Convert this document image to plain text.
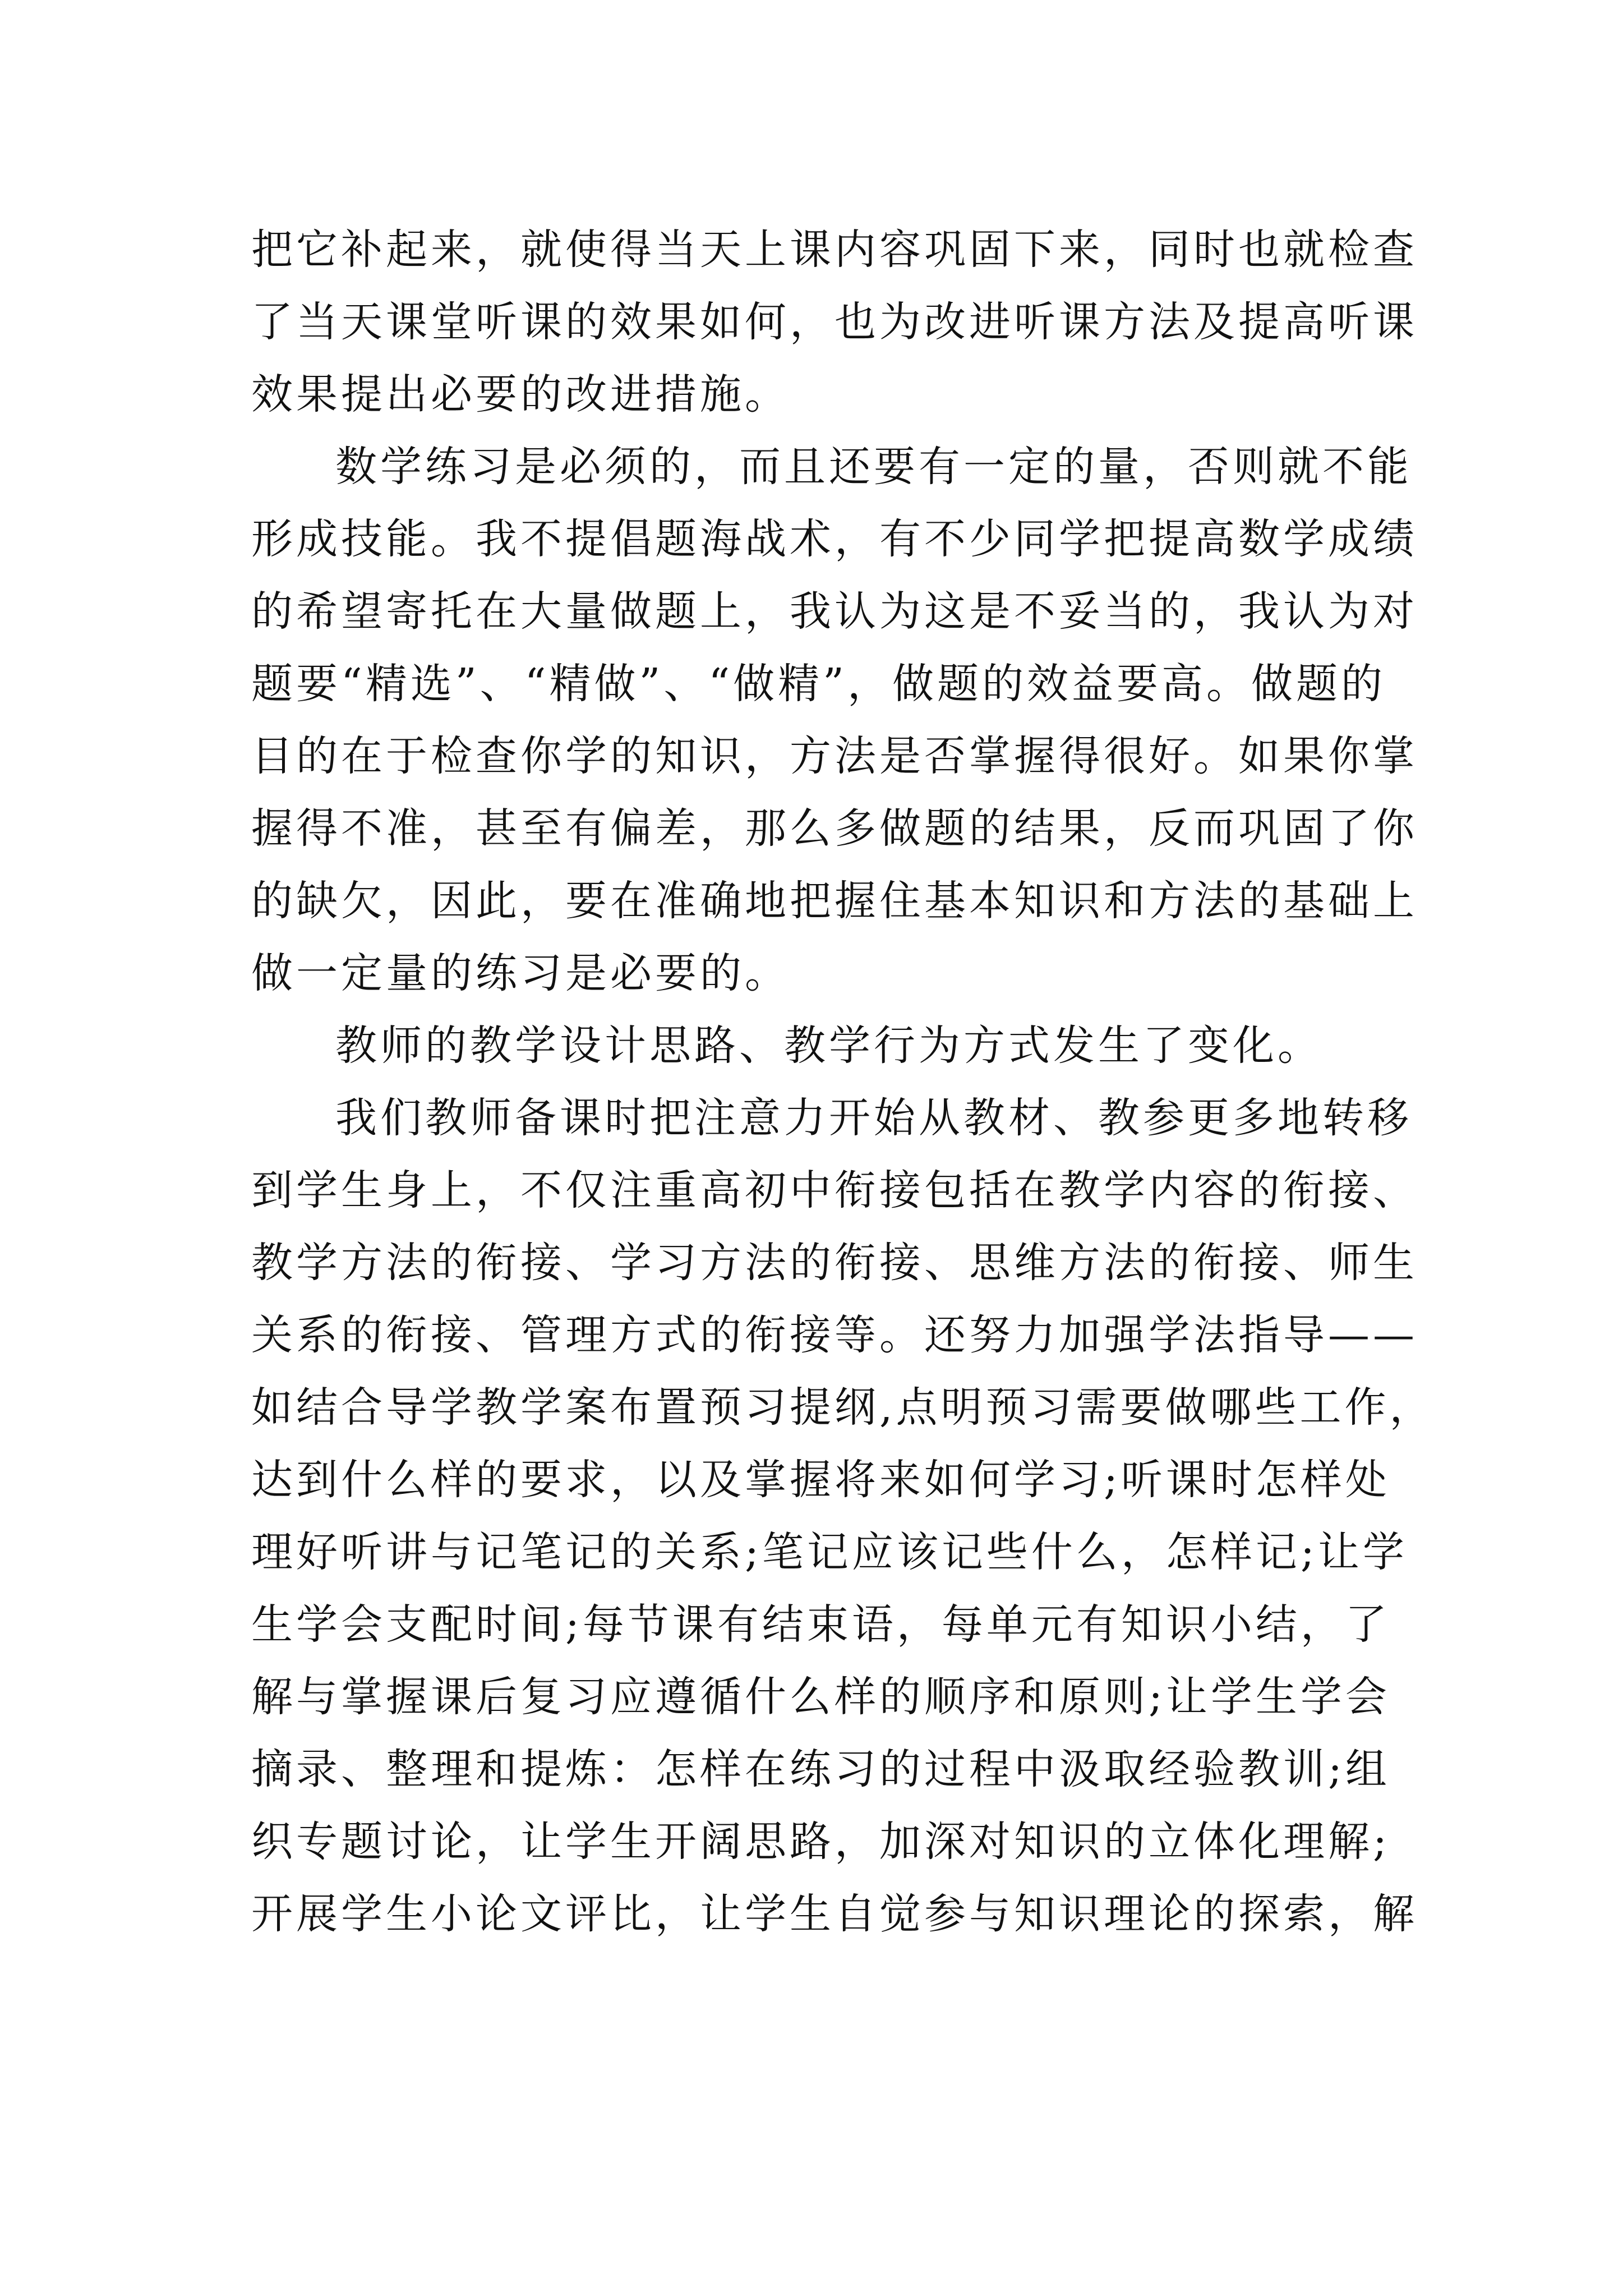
把它补起来，就使得当天上课内容巩固下来，同时也就检查
了当天课堂听课的效果如何，也为改进听课方法及提高听课
效果提出必要的改进措施。
数学练习是必须的，而且还要有一定的量，否则就不能
形成技能。我不提倡题海战术，有不少同学把提高数学成绩
的希望寄托在大量做题上，我认为这是不妥当的，我认为对
题要“精选”、“精做”、“做精”，做题的效益要高。做题的
目的在于检查你学的知识，方法是否掌握得很好。如果你掌
握得不准，甚至有偏差，那么多做题的结果，反而巩固了你
的缺欠，因此，要在准确地把握住基本知识和方法的基础上
做一定量的练习是必要的。
教师的教学设计思路、教学行为方式发生了变化。
我们教师备课时把注意力开始从教材、教参更多地转移
到学生身上，不仅注重高初中衔接包括在教学内容的衔接、
教学方法的衔接、学习方法的衔接、思维方法的衔接、师生
关系的衔接、管理方式的衔接等。还努力加强学法指导——
如结合导学教学案布置预习提纲,点明预习需要做哪些工作，
达到什么样的要求，以及掌握将来如何学习;听课时怎样处
理好听讲与记笔记的关系;笔记应该记些什么，怎样记;让学
生学会支配时间;每节课有结束语，每单元有知识小结，了
解与掌握课后复习应遵循什么样的顺序和原则;让学生学会
摘录、整理和提炼：怎样在练习的过程中汲取经验教训;组
织专题讨论，让学生开阔思路，加深对知识的立体化理解;
开展学生小论文评比，让学生自觉参与知识理论的探索，解
